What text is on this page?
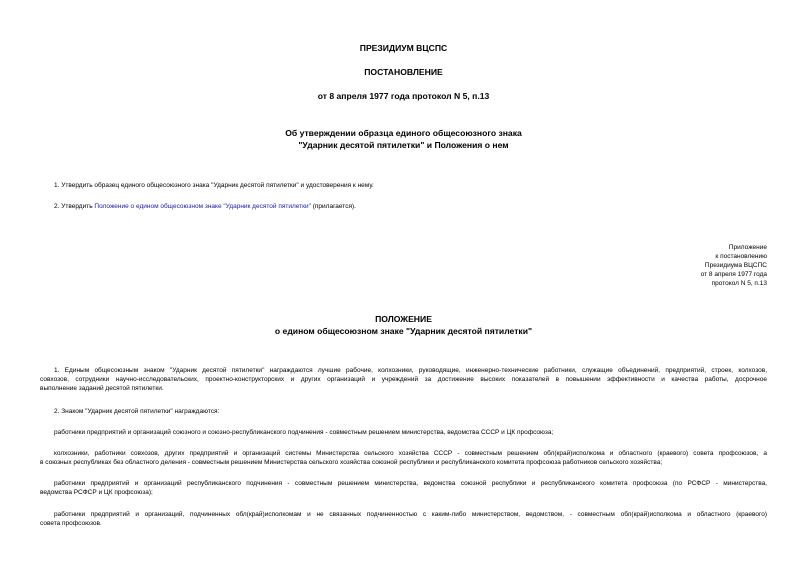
ПРЕЗИДИУМ ВЦСПС
ПОСТАНОВЛЕНИЕ
от 8 апреля 1977 года протокол N 5, п.13
Об утверждении образца единого общесоюзного знака
"Ударник десятой пятилетки" и Положения о нем
1. Утвердить образец единого общесоюзного знака "Ударник десятой пятилетки" и удостоверения к нему.
2. Утвердить Положение о едином общесоюзном знаке "Ударник десятой пятилетки" (прилагается).
Приложение
к постановлению
Президиума ВЦСПС
от 8 апреля 1977 года
протокол N 5, п.13
ПОЛОЖЕНИЕ
о едином общесоюзном знаке "Ударник десятой пятилетки"
1. Единым общесоюзным знаком "Ударник десятой пятилетки" награждаются лучшие рабочие, колхозники, руководящие, инженерно-технические работники, служащие объединений, предприятий, строек, колхозов,
совхозов, сотрудники научно-исследовательских, проектно-конструкторских и других организаций и учреждений за достижение высоких показателей в повышении эффективности и качества работы, досрочное
выполнение заданий десятой пятилетки.
2. Знаком "Ударник десятой пятилетки" награждаются:
работники предприятий и организаций союзного и союзно-республиканского подчинения - совместным решением министерства, ведомства СССР и ЦК профсоюза;
колхозники, работники совхозов, других предприятий и организаций системы Министерства сельского хозяйства СССР - совместным решением обл(край)исполкома и областного (краевого) совета профсоюзов, а
в союзных республиках без областного деления - совместным решением Министерства сельского хозяйства союзной республики и республиканского комитета профсоюза работников сельского хозяйства;
работники предприятий и организаций республиканского подчинения - совместным решением министерства, ведомства союзной республики и республиканского комитета профсоюза (по РСФСР - министерства,
ведомства РСФСР и ЦК профсоюза);
работники предприятий и организаций, подчиненных обл(край)исполкомам и не связанных подчиненностью с каким-либо министерством, ведомством, - совместным обл(край)исполкома и областного (краевого)
совета профсоюзов.
